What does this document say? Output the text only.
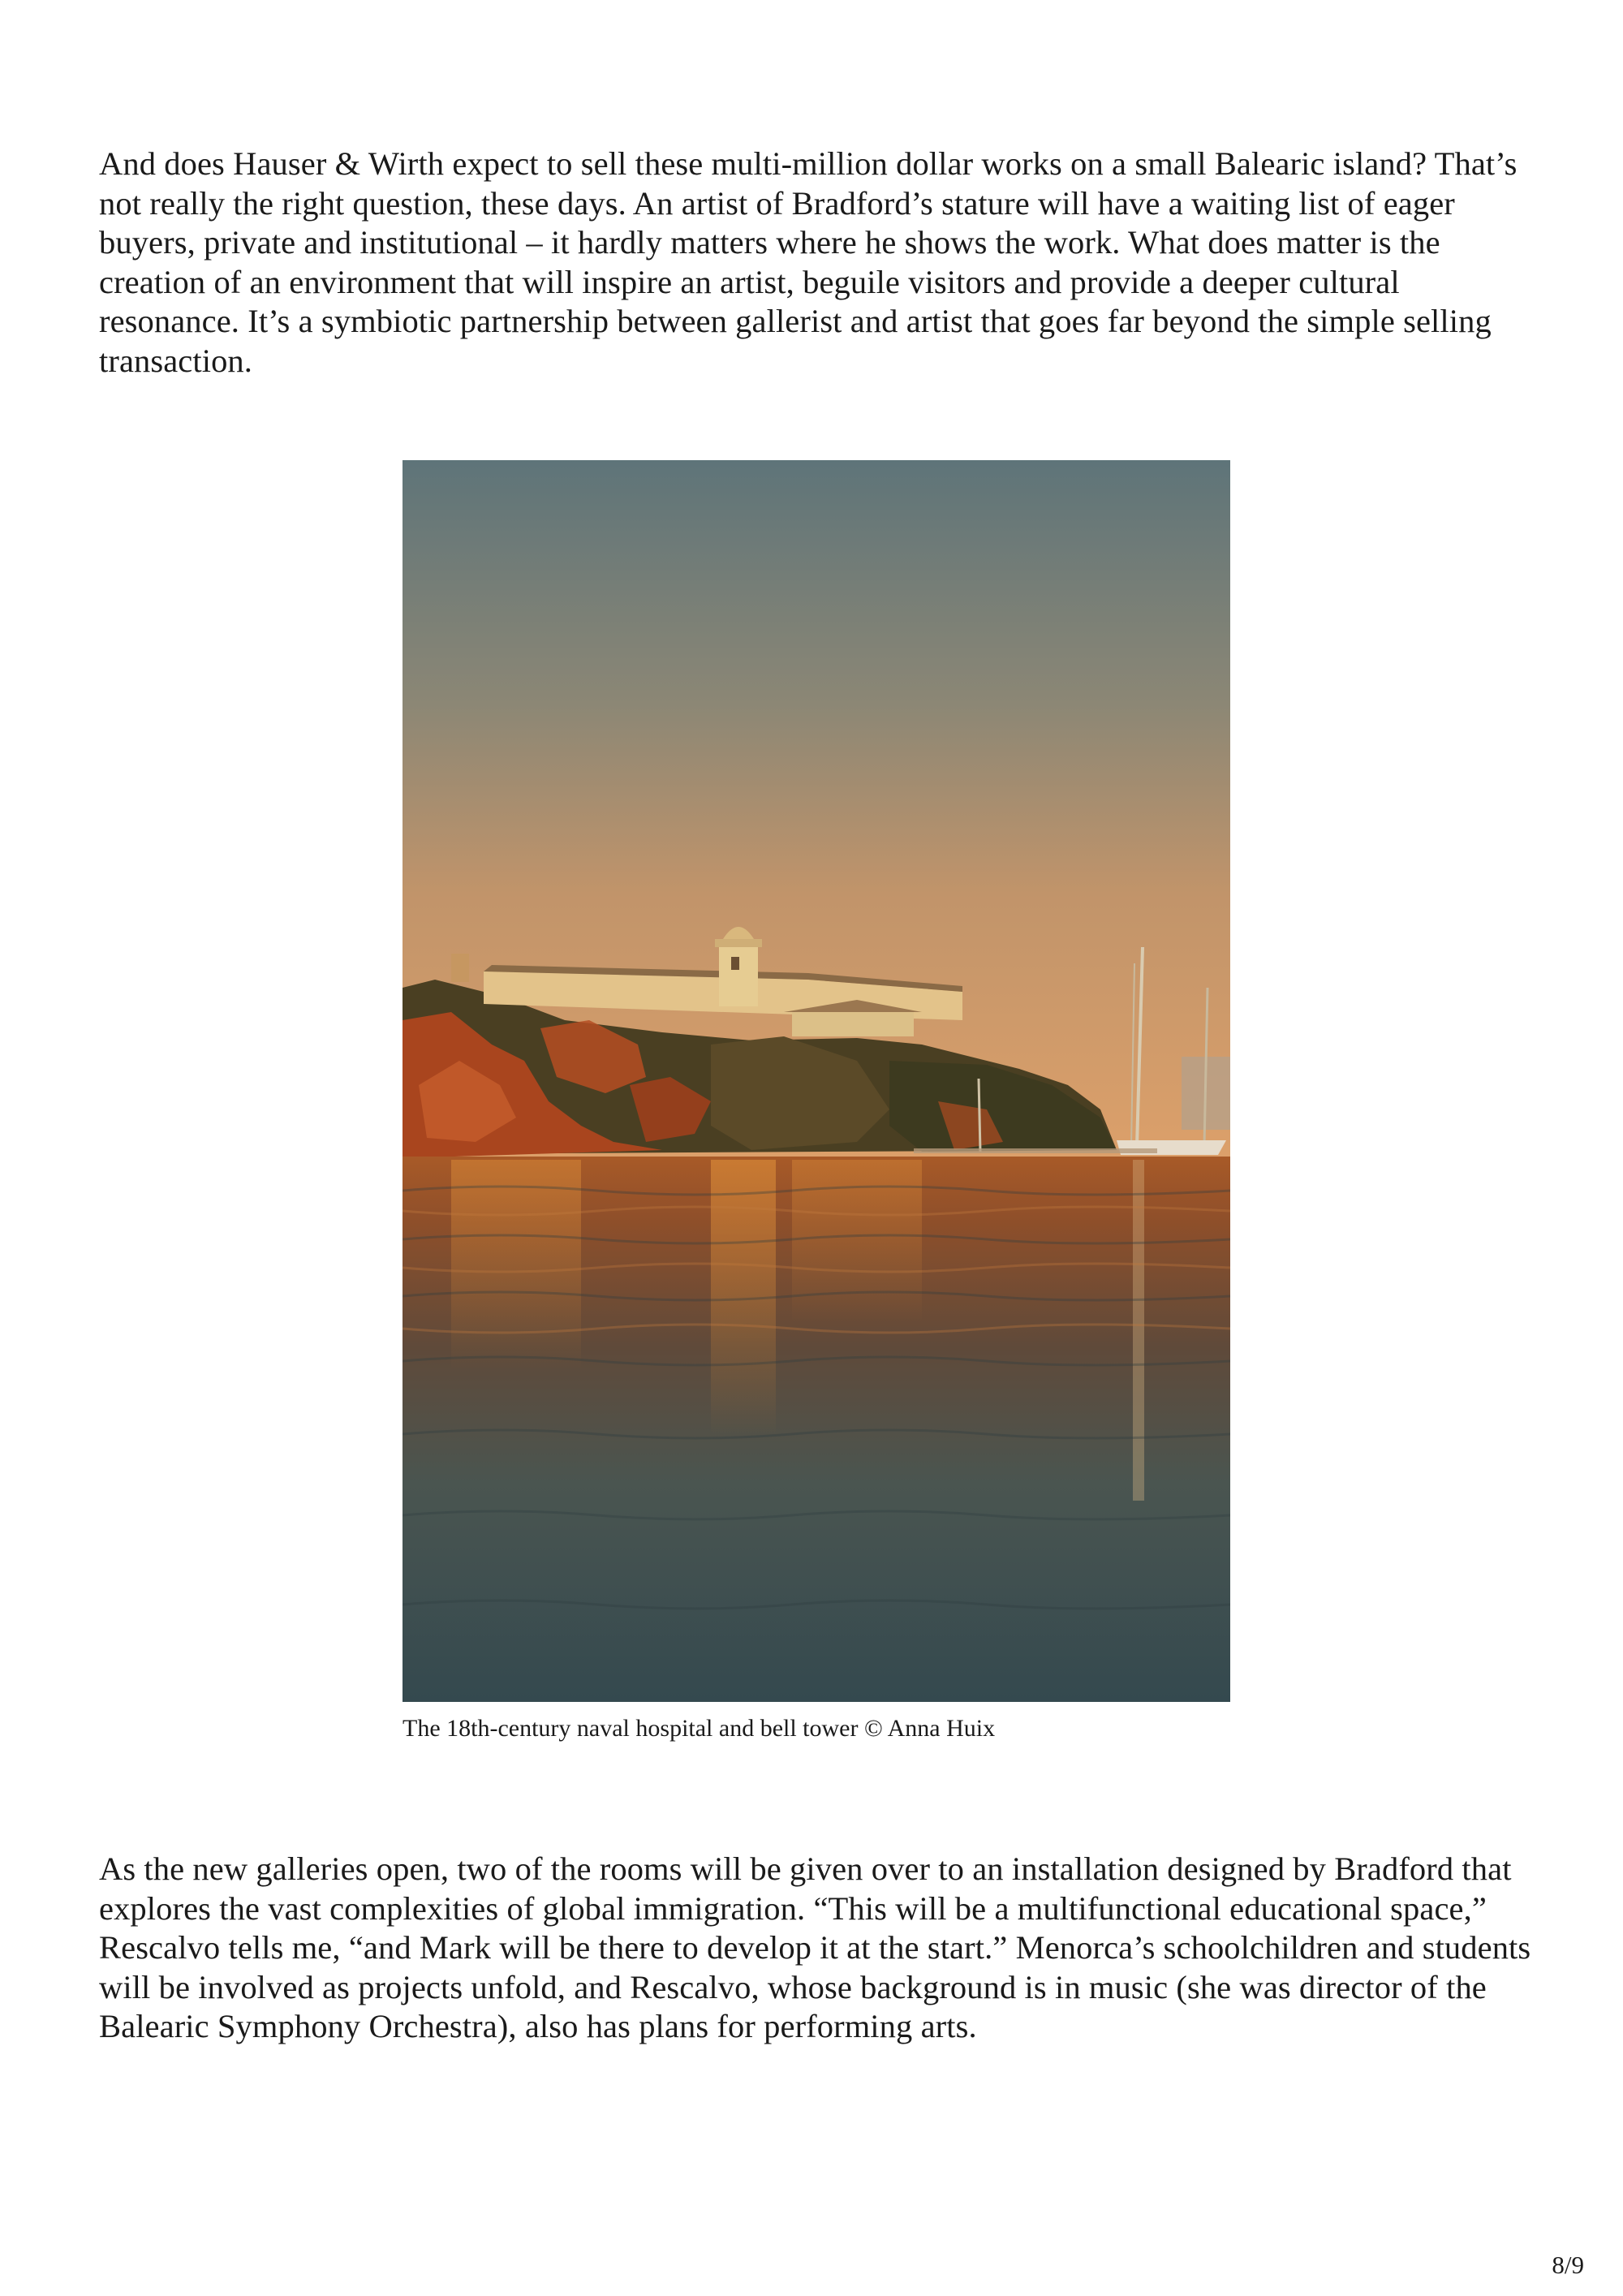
And does Hauser & Wirth expect to sell these multi-million dollar works on a small Balearic island? That’s not really the right question, these days. An artist of Bradford’s stature will have a waiting list of eager buyers, private and institutional – it hardly matters where he shows the work. What does matter is the creation of an environment that will inspire an artist, beguile visitors and provide a deeper cultural resonance. It’s a symbiotic partnership between gallerist and artist that goes far beyond the simple selling transaction.

The 18th-century naval hospital and bell tower © Anna Huix

As the new galleries open, two of the rooms will be given over to an installation designed by Bradford that explores the vast complexities of global immigration. “This will be a multifunctional educational space,” Rescalvo tells me, “and Mark will be there to develop it at the start.” Menorca’s schoolchildren and students will be involved as projects unfold, and Rescalvo, whose background is in music (she was director of the Balearic Symphony Orchestra), also has plans for performing arts.

8/9
